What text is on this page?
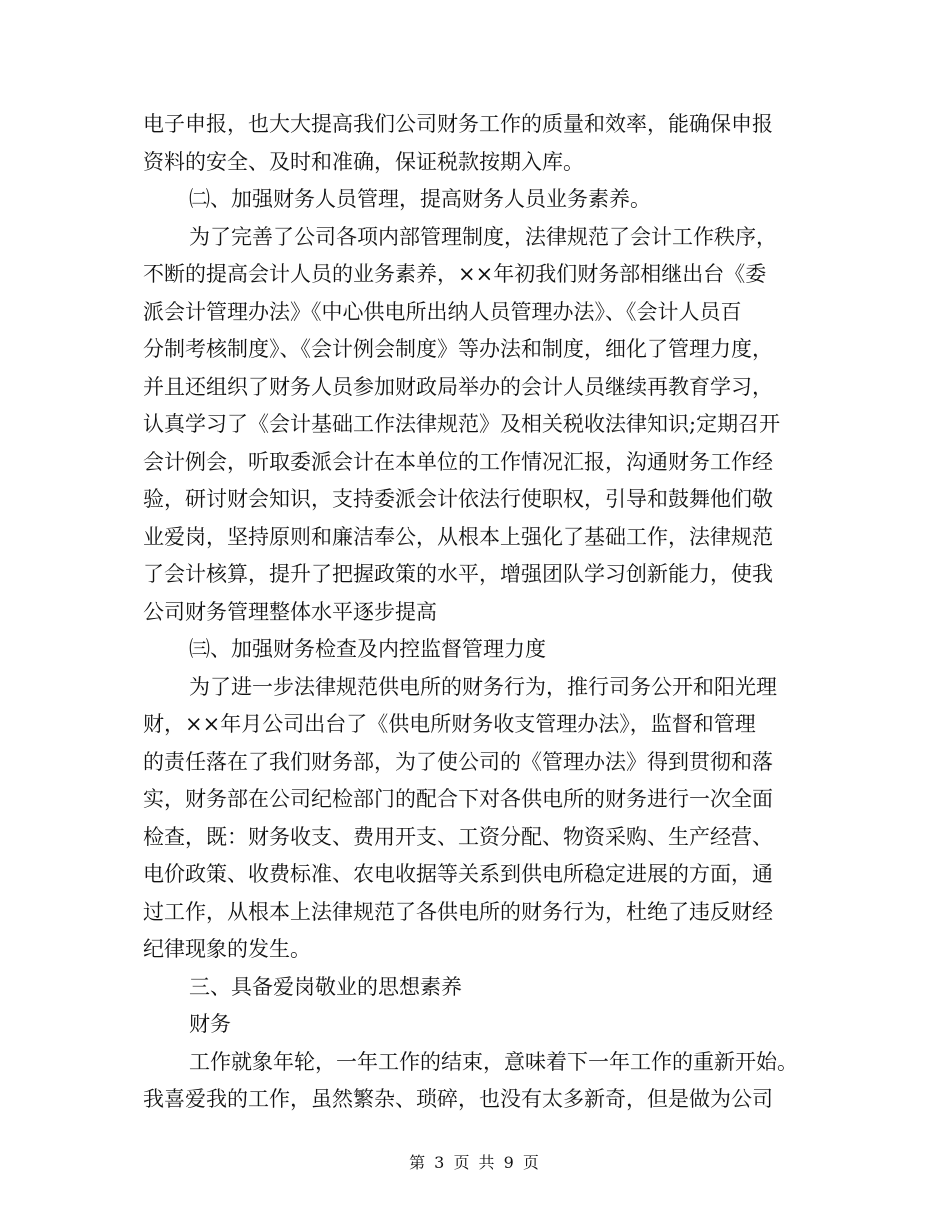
电子申报，也大大提高我们公司财务工作的质量和效率，能确保申报
资料的安全、及时和准确，保证税款按期入库。
㈡、加强财务人员管理，提高财务人员业务素养。
为了完善了公司各项内部管理制度，法律规范了会计工作秩序，
不断的提高会计人员的业务素养，××年初我们财务部相继出台《委
派会计管理办法》《中心供电所出纳人员管理办法》、《会计人员百
分制考核制度》、《会计例会制度》等办法和制度，细化了管理力度，
并且还组织了财务人员参加财政局举办的会计人员继续再教育学习，
认真学习了《会计基础工作法律规范》及相关税收法律知识;定期召开
会计例会，听取委派会计在本单位的工作情况汇报，沟通财务工作经
验，研讨财会知识，支持委派会计依法行使职权，引导和鼓舞他们敬
业爱岗，坚持原则和廉洁奉公，从根本上强化了基础工作，法律规范
了会计核算，提升了把握政策的水平，增强团队学习创新能力，使我
公司财务管理整体水平逐步提高
㈢、加强财务检查及内控监督管理力度
为了进一步法律规范供电所的财务行为，推行司务公开和阳光理
财，××年月公司出台了《供电所财务收支管理办法》，监督和管理
的责任落在了我们财务部，为了使公司的《管理办法》得到贯彻和落
实，财务部在公司纪检部门的配合下对各供电所的财务进行一次全面
检查，既：财务收支、费用开支、工资分配、物资采购、生产经营、
电价政策、收费标准、农电收据等关系到供电所稳定进展的方面，通
过工作，从根本上法律规范了各供电所的财务行为，杜绝了违反财经
纪律现象的发生。
三、具备爱岗敬业的思想素养
财务
工作就象年轮，一年工作的结束，意味着下一年工作的重新开始。
我喜爱我的工作，虽然繁杂、琐碎，也没有太多新奇，但是做为公司
第 3 页 共 9 页
